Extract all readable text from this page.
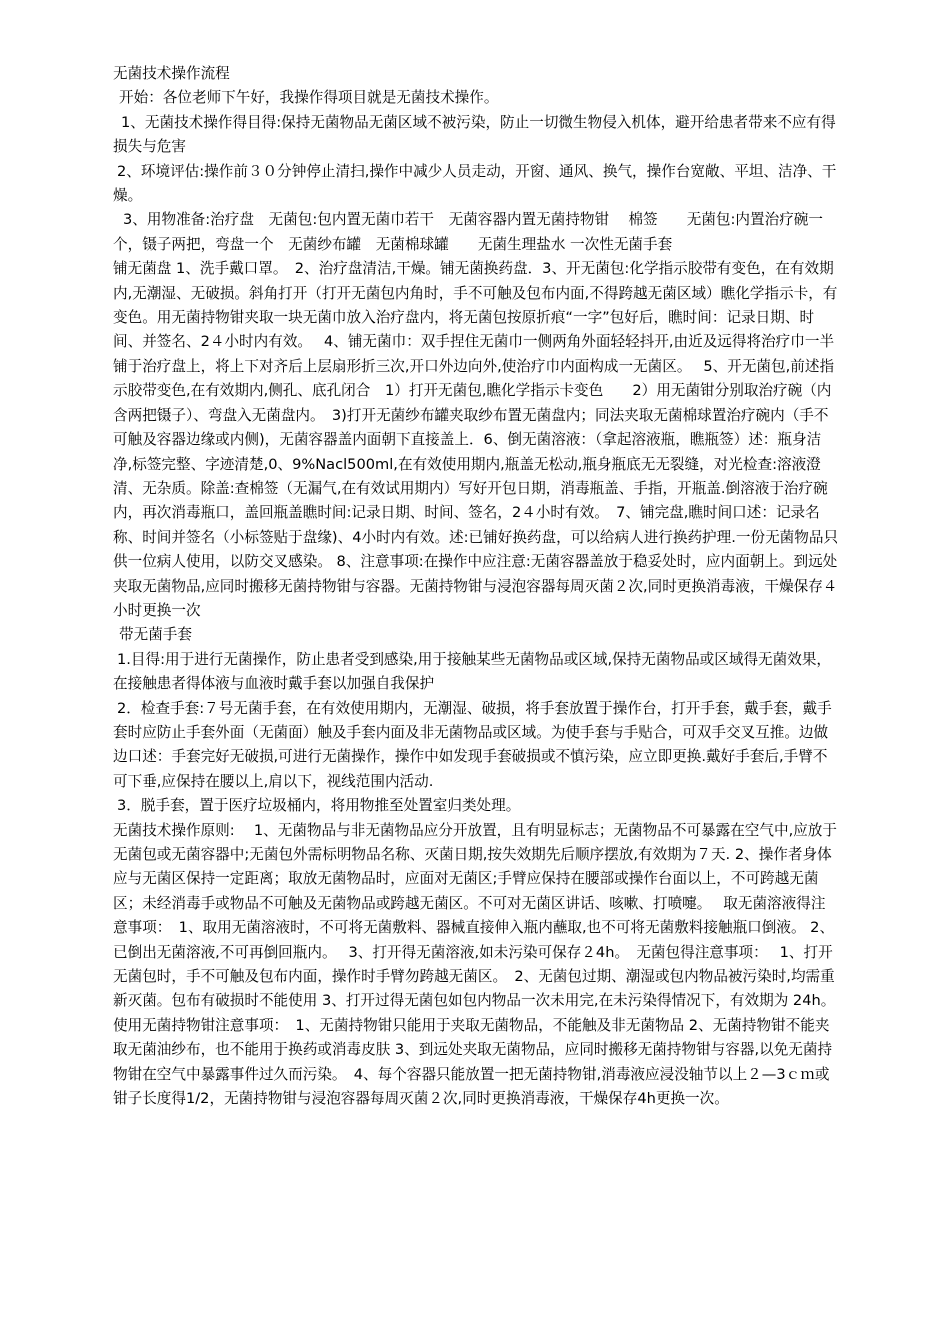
无菌技术操作流程
开始：各位老师下午好，我操作得项目就是无菌技术操作。
1、无菌技术操作得目得:保持无菌物品无菌区域不被污染，防止一切微生物侵入机体，避开给患者带来不应有得损失与危害
2、环境评估:操作前３０分钟停止清扫,操作中减少人员走动，开窗、通风、换气，操作台宽敞、平坦、洁净、干燥。
3、用物准备:治疗盘　无菌包:包内置无菌巾若干　无菌容器内置无菌持物钳　 棉签　　无菌包:内置治疗碗一个，镊子两把，弯盘一个　无菌纱布罐　无菌棉球罐　　无菌生理盐水 一次性无菌手套
铺无菌盘 1、洗手戴口罩。　2、治疗盘清洁,干燥。铺无菌换药盘．3、开无菌包:化学指示胶带有变色，在有效期内,无潮湿、无破损。斜角打开（打开无菌包内角时，手不可触及包布内面,不得跨越无菌区域）瞧化学指示卡，有变色。用无菌持物钳夹取一块无菌巾放入治疗盘内，将无菌包按原折痕“一字”包好后，瞧时间：记录日期、时间、并签名、2４小时内有效。　 4、铺无菌巾：双手捏住无菌巾一侧两角外面轻轻抖开,由近及远得将治疗巾一半铺于治疗盘上，将上下对齐后上层扇形折三次,开口外边向外,使治疗巾内面构成一无菌区。　 5、开无菌包,前述指示胶带变色,在有效期内,侧孔、底孔闭合　1）打开无菌包,瞧化学指示卡变色　　2）用无菌钳分别取治疗碗（内含两把镊子）、弯盘入无菌盘内。　3)打开无菌纱布罐夹取纱布置无菌盘内；同法夹取无菌棉球置治疗碗内（手不可触及容器边缘或内侧)，无菌容器盖内面朝下直接盖上．6、倒无菌溶液：（拿起溶液瓶，瞧瓶签）述：瓶身洁净,标签完整、字迹清楚,0、9%Nacl500ml,在有效使用期内,瓶盖无松动,瓶身瓶底无无裂缝，对光检查:溶液澄清、无杂质。除盖:查棉签（无漏气,在有效试用期内）写好开包日期，消毒瓶盖、手指，开瓶盖.倒溶液于治疗碗内，再次消毒瓶口，盖回瓶盖瞧时间:记录日期、时间、签名，2４小时有效。　7、铺完盘,瞧时间口述：记录名称、时间并签名（小标签贴于盘缘)、4小时内有效。述:已铺好换药盘，可以给病人进行换药护理.一份无菌物品只供一位病人使用，以防交叉感染。 8、注意事项:在操作中应注意:无菌容器盖放于稳妥处时，应内面朝上。到远处夹取无菌物品,应同时搬移无菌持物钳与容器。无菌持物钳与浸泡容器每周灭菌２次,同时更换消毒液，干燥保存４小时更换一次
带无菌手套
1.目得:用于进行无菌操作，防止患者受到感染,用于接触某些无菌物品或区域,保持无菌物品或区域得无菌效果，在接触患者得体液与血液时戴手套以加强自我保护
2．检查手套:７号无菌手套，在有效使用期内，无潮湿、破损，将手套放置于操作台，打开手套，戴手套，戴手套时应防止手套外面（无菌面）触及手套内面及非无菌物品或区域。为使手套与手贴合，可双手交叉互推。边做边口述：手套完好无破损,可进行无菌操作，操作中如发现手套破损或不慎污染，应立即更换.戴好手套后,手臂不可下垂,应保持在腰以上,肩以下，视线范围内活动.
3．脱手套，置于医疗垃圾桶内，将用物推至处置室归类处理。
无菌技术操作原则:　 1、无菌物品与非无菌物品应分开放置，且有明显标志；无菌物品不可暴露在空气中,应放于无菌包或无菌容器中;无菌包外需标明物品名称、灭菌日期,按失效期先后顺序摆放,有效期为７天. 2、操作者身体应与无菌区保持一定距离；取放无菌物品时，应面对无菌区;手臂应保持在腰部或操作台面以上，不可跨越无菌区；未经消毒手或物品不可触及无菌物品或跨越无菌区。不可对无菌区讲话、咳嗽、打喷嚏。　 取无菌溶液得注意事项：　1、取用无菌溶液时，不可将无菌敷料、器械直接伸入瓶内蘸取,也不可将无菌敷料接触瓶口倒液。 2、已倒出无菌溶液,不可再倒回瓶内。　 3、打开得无菌溶液,如未污染可保存２4h。　无菌包得注意事项：　 1、打开无菌包时，手不可触及包布内面，操作时手臂勿跨越无菌区。　2、无菌包过期、潮湿或包内物品被污染时,均需重新灭菌。包布有破损时不能使用 3、打开过得无菌包如包内物品一次未用完,在未污染得情况下，有效期为 24h。 使用无菌持物钳注意事项：　1、无菌持物钳只能用于夹取无菌物品，不能触及非无菌物品 2、无菌持物钳不能夹取无菌油纱布，也不能用于换药或消毒皮肤 3、到远处夹取无菌物品，应同时搬移无菌持物钳与容器,以免无菌持物钳在空气中暴露事件过久而污染。　4、每个容器只能放置一把无菌持物钳,消毒液应浸没轴节以上２—3ｃｍ或钳子长度得1/2，无菌持物钳与浸泡容器每周灭菌２次,同时更换消毒液，干燥保存4h更换一次。
